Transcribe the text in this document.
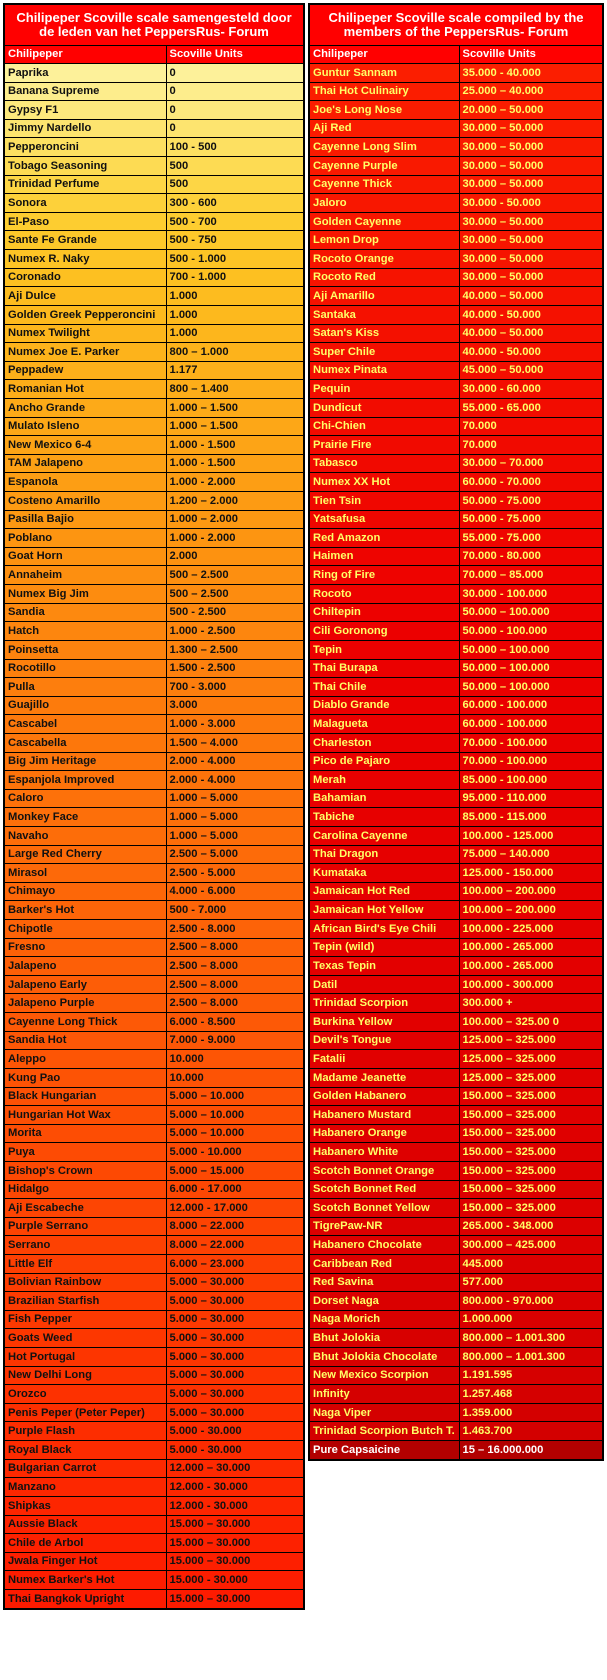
Chilipeper Scoville scale samengesteld door de leden van het PeppersRus- Forum	
Chilipeper	Scoville Units
Paprika	0
Banana Supreme	0
Gypsy F1	0
Jimmy Nardello	0
Pepperoncini	100 - 500
Tobago Seasoning	500
Trinidad Perfume	500
Sonora	300 - 600
El-Paso	500 - 700
Sante Fe Grande	500 - 750
Numex R. Naky	500 - 1.000
Coronado	700 - 1.000
Aji Dulce	1.000
Golden Greek Pepperoncini	1.000
Numex Twilight	1.000
Numex Joe E. Parker	800 – 1.000
Peppadew	1.177
Romanian Hot	800 – 1.400
Ancho Grande	1.000 – 1.500
Mulato Isleno	1.000 – 1.500
New Mexico 6-4	1.000 - 1.500
TAM Jalapeno	1.000 - 1.500
Espanola	1.000 - 2.000
Costeno Amarillo	1.200 – 2.000
Pasilla Bajio	1.000 – 2.000
Poblano	1.000 - 2.000
Goat Horn	2.000
Annaheim	500 – 2.500
Numex Big Jim	500 – 2.500
Sandia	500 - 2.500
Hatch	1.000 - 2.500
Poinsetta	1.300 – 2.500
Rocotillo	1.500 - 2.500
Pulla	700 - 3.000
Guajillo	3.000
Cascabel	1.000 - 3.000
Cascabella	1.500 – 4.000
Big Jim Heritage	2.000 - 4.000
Espanjola Improved	2.000 - 4.000
Caloro	1.000 – 5.000
Monkey Face	1.000 – 5.000
Navaho	1.000 – 5.000
Large Red Cherry	2.500 – 5.000
Mirasol	2.500 - 5.000
Chimayo	4.000 - 6.000
Barker's Hot	500 - 7.000
Chipotle	2.500 - 8.000
Fresno	2.500 – 8.000
Jalapeno	2.500 – 8.000
Jalapeno Early	2.500 – 8.000
Jalapeno Purple	2.500 – 8.000
Cayenne Long Thick	6.000 - 8.500
Sandia Hot	7.000 - 9.000
Aleppo	10.000
Kung Pao	10.000
Black Hungarian	5.000 – 10.000
Hungarian Hot Wax	5.000 – 10.000
Morita	5.000 – 10.000
Puya	5.000 - 10.000
Bishop's Crown	5.000 – 15.000
Hidalgo	6.000 - 17.000
Aji Escabeche	12.000 - 17.000
Purple Serrano	8.000 – 22.000
Serrano	8.000 – 22.000
Little Elf	6.000 – 23.000
Bolivian Rainbow	5.000 – 30.000
Brazilian Starfish	5.000 – 30.000
Fish Pepper	5.000 – 30.000
Goats Weed	5.000 – 30.000
Hot Portugal	5.000 – 30.000
New Delhi Long	5.000 – 30.000
Orozco	5.000 – 30.000
Penis Peper (Peter Peper)	5.000 – 30.000
Purple Flash	5.000 - 30.000
Royal Black	5.000 - 30.000
Bulgarian Carrot	12.000 – 30.000
Manzano	12.000 - 30.000
Shipkas	12.000 - 30.000
Aussie Black	15.000 – 30.000
Chile de Arbol	15.000 – 30.000
Jwala Finger Hot	15.000 – 30.000
Numex Barker's Hot	15.000 - 30.000
Thai Bangkok Upright	15.000 – 30.000
Chilipeper Scoville scale compiled by the members of the PeppersRus- Forum	
Chilipeper	Scoville Units
Guntur Sannam	35.000 - 40.000
Thai Hot Culinairy	25.000 – 40.000
Joe's Long Nose	20.000 – 50.000
Aji Red	30.000 – 50.000
Cayenne Long Slim	30.000 – 50.000
Cayenne Purple	30.000 – 50.000
Cayenne Thick	30.000 – 50.000
Jaloro	30.000 - 50.000
Golden Cayenne	30.000 – 50.000
Lemon Drop	30.000 – 50.000
Rocoto Orange	30.000 – 50.000
Rocoto Red	30.000 – 50.000
Aji Amarillo	40.000 – 50.000
Santaka	40.000 - 50.000
Satan's Kiss	40.000 – 50.000
Super Chile	40.000 - 50.000
Numex Pinata	45.000 – 50.000
Pequin	30.000 - 60.000
Dundicut	55.000 - 65.000
Chi-Chien	70.000
Prairie Fire	70.000
Tabasco	30.000 – 70.000
Numex XX Hot	60.000 - 70.000
Tien Tsin	50.000 - 75.000
Yatsafusa	50.000 - 75.000
Red Amazon	55.000 - 75.000
Haimen	70.000 - 80.000
Ring of Fire	70.000 – 85.000
Rocoto	30.000 - 100.000
Chiltepin	50.000 – 100.000
Cili Goronong	50.000 - 100.000
Tepin	50.000 – 100.000
Thai Burapa	50.000 – 100.000
Thai Chile	50.000 – 100.000
Diablo Grande	60.000 - 100.000
Malagueta	60.000 - 100.000
Charleston	70.000 - 100.000
Pico de Pajaro	70.000 - 100.000
Merah	85.000 - 100.000
Bahamian	95.000 - 110.000
Tabiche	85.000 - 115.000
Carolina Cayenne	100.000 - 125.000
Thai Dragon	75.000 – 140.000
Kumataka	125.000 - 150.000
Jamaican Hot Red	100.000 – 200.000
Jamaican Hot Yellow	100.000 – 200.000
African Bird's Eye Chili	100.000 - 225.000
Tepin (wild)	100.000 - 265.000
Texas Tepin	100.000 - 265.000
Datil	100.000 - 300.000
Trinidad Scorpion	300.000 +
Burkina Yellow	100.000 – 325.00 0
Devil's Tongue	125.000 – 325.000
Fatalii	125.000 – 325.000
Madame Jeanette	125.000 – 325.000
Golden Habanero	150.000 – 325.000
Habanero Mustard	150.000 – 325.000
Habanero Orange	150.000 – 325.000
Habanero White	150.000 – 325.000
Scotch Bonnet Orange	150.000 – 325.000
Scotch Bonnet Red	150.000 – 325.000
Scotch Bonnet Yellow	150.000 – 325.000
TigrePaw-NR	265.000 - 348.000
Habanero Chocolate	300.000 – 425.000
Caribbean Red	445.000
Red Savina	577.000
Dorset Naga	800.000 - 970.000
Naga Morich	1.000.000
Bhut Jolokia	800.000 – 1.001.300
Bhut Jolokia Chocolate	800.000 – 1.001.300
New Mexico Scorpion	1.191.595
Infinity	1.257.468
Naga Viper	1.359.000
Trinidad Scorpion Butch T.	1.463.700
Pure Capsaicine	15 – 16.000.000
